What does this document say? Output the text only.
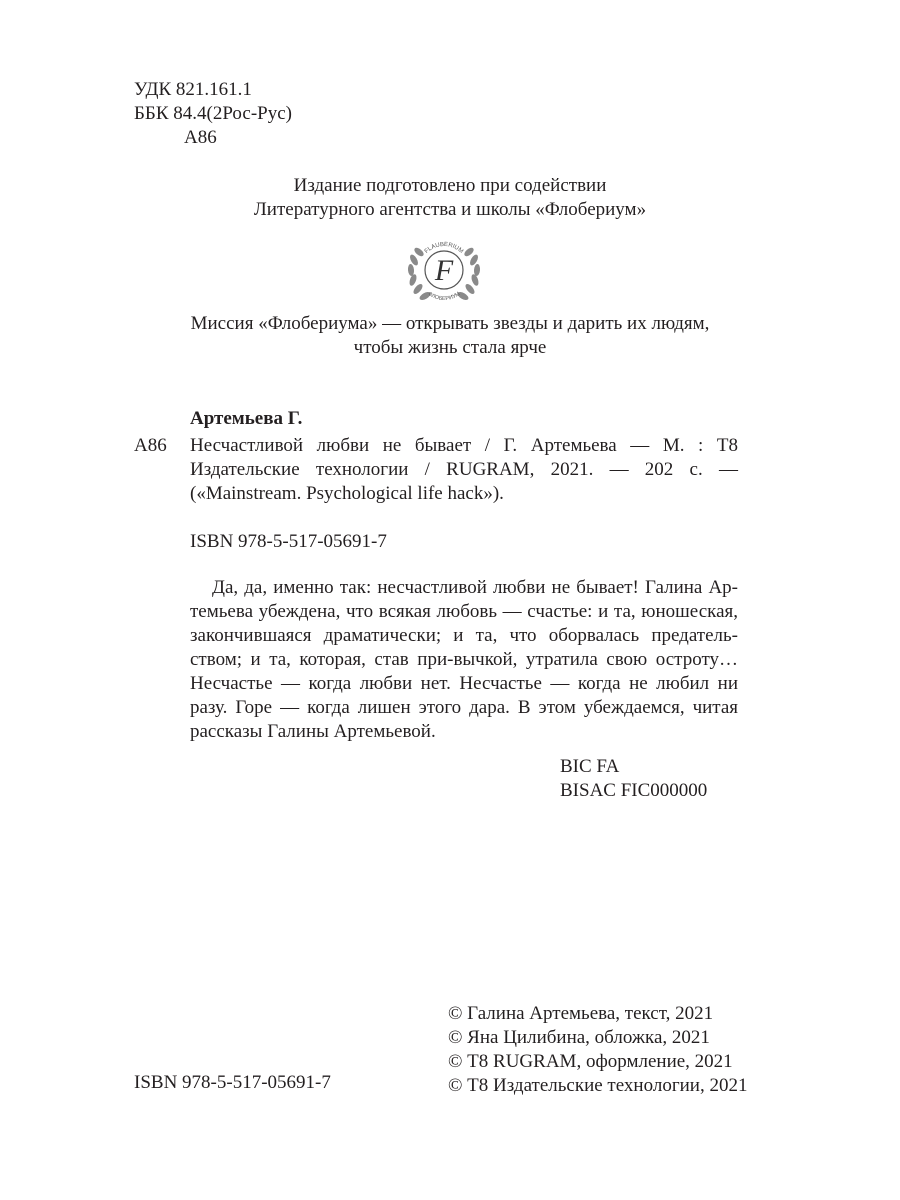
УДК 821.161.1
ББК 84.4(2Рос-Рус)
А86
Издание подготовлено при содействии
Литературного агентства и школы «Флобериум»
F
FLAUBERIUM
ФЛОБЕРИУМ
Миссия «Флобериума» — открывать звезды и дарить их людям,
чтобы жизнь стала ярче
Артемьева Г.
А86 Несчастливой любви не бывает / Г. Артемьева — М. : Т8
Издательские технологии / RUGRAM, 2021. — 202 с. —
(«Mainstream. Psychological life hack»).
ISBN 978-5-517-05691-7
Да, да, именно так: несчастливой любви не бывает! Галина Ар-
темьева убеждена, что всякая любовь — счастье: и та, юношеская,
закончившаяся драматически; и та, что оборвалась предатель-
ством; и та, которая, став при-вычкой, утратила свою остроту…
Несчастье — когда любви нет. Несчастье — когда не любил ни
разу. Горе — когда лишен этого дара. В этом убеждаемся, читая
рассказы Галины Артемьевой.
BIC FA
BISAC FIC000000
ISBN 978-5-517-05691-7
© Галина Артемьева, текст, 2021
© Яна Цилибина, обложка, 2021
© Т8 RUGRAM, оформление, 2021
© Т8 Издательские технологии, 2021
